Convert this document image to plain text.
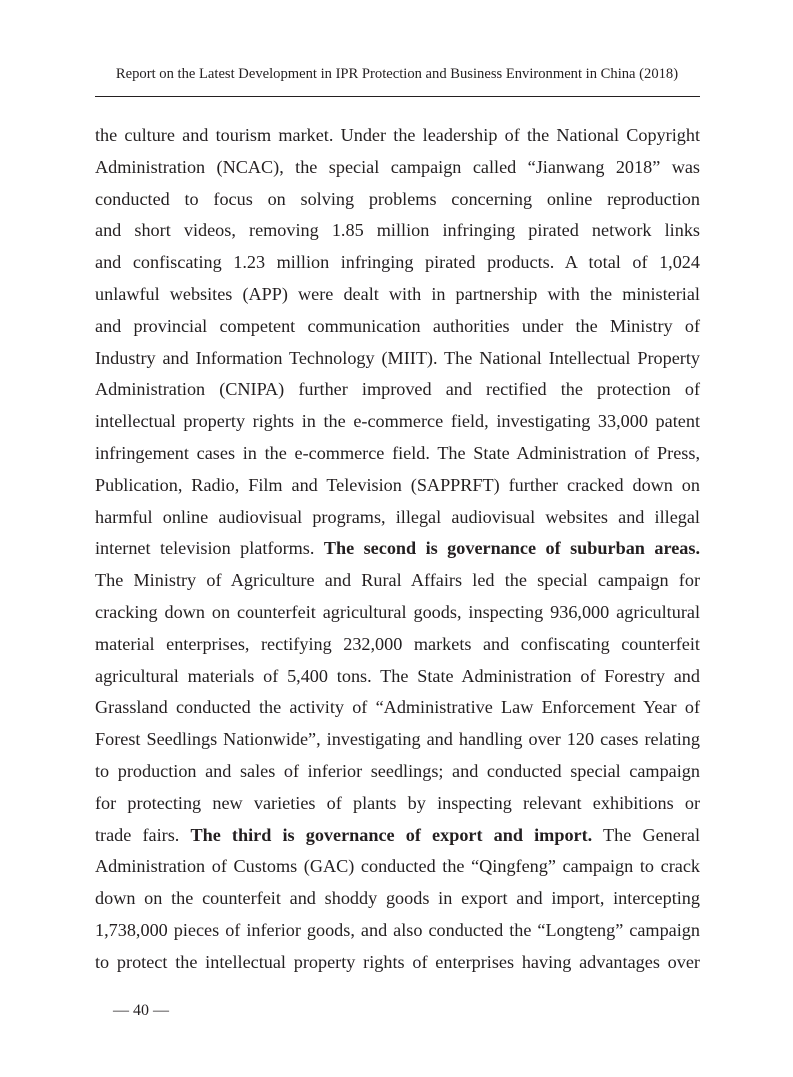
Report on the Latest Development in IPR Protection and Business Environment in China (2018)
the culture and tourism market. Under the leadership of the National Copyright
Administration (NCAC), the special campaign called “Jianwang 2018” was
conducted to focus on solving problems concerning online reproduction
and short videos, removing 1.85 million infringing pirated network links
and confiscating 1.23 million infringing pirated products. A total of 1,024
unlawful websites (APP) were dealt with in partnership with the ministerial
and provincial competent communication authorities under the Ministry of
Industry and Information Technology (MIIT). The National Intellectual Property
Administration (CNIPA) further improved and rectified the protection of
intellectual property rights in the e-commerce field, investigating 33,000 patent
infringement cases in the e-commerce field. The State Administration of Press,
Publication, Radio, Film and Television (SAPPRFT) further cracked down on
harmful online audiovisual programs, illegal audiovisual websites and illegal
internet television platforms. The second is governance of suburban areas.
The Ministry of Agriculture and Rural Affairs led the special campaign for
cracking down on counterfeit agricultural goods, inspecting 936,000 agricultural
material enterprises, rectifying 232,000 markets and confiscating counterfeit
agricultural materials of 5,400 tons. The State Administration of Forestry and
Grassland conducted the activity of “Administrative Law Enforcement Year of
Forest Seedlings Nationwide”, investigating and handling over 120 cases relating
to production and sales of inferior seedlings; and conducted special campaign
for protecting new varieties of plants by inspecting relevant exhibitions or
trade fairs. The third is governance of export and import. The General
Administration of Customs (GAC) conducted the “Qingfeng” campaign to crack
down on the counterfeit and shoddy goods in export and import, intercepting
1,738,000 pieces of inferior goods, and also conducted the “Longteng” campaign
to protect the intellectual property rights of enterprises having advantages over
— 40 —
